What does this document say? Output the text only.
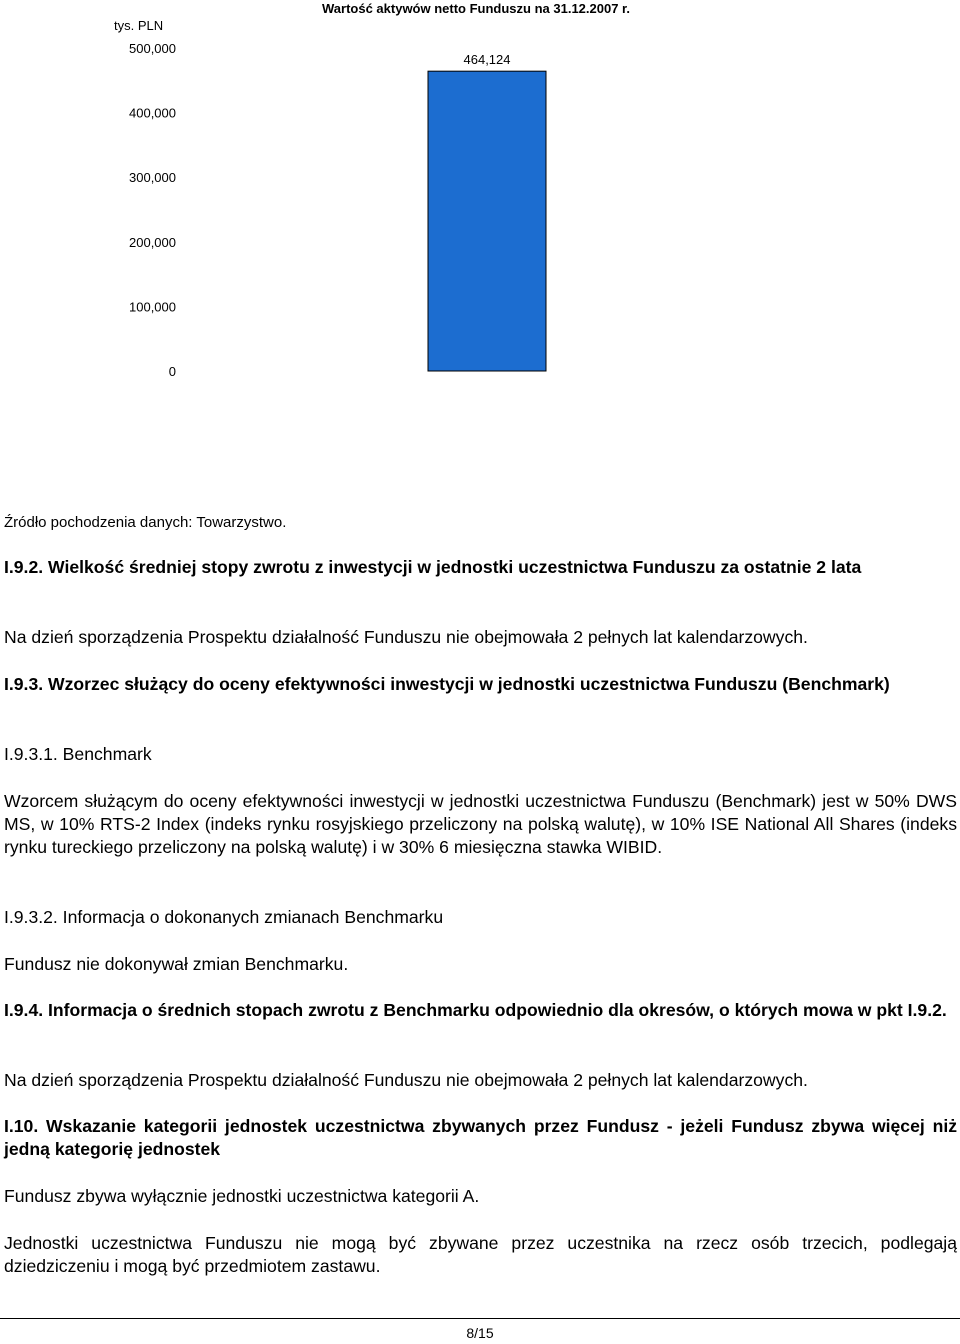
tys. PLN
Wartość aktywów netto Funduszu na 31.12.2007 r.
0
100,000
200,000
300,000
400,000
500,000
464,124
Źródło pochodzenia danych: Towarzystwo.

I.9.2. Wielkość średniej stopy zwrotu z inwestycji w jednostki uczestnictwa Funduszu za ostatnie 2 lata

Na dzień sporządzenia Prospektu działalność Funduszu nie obejmowała 2 pełnych lat kalendarzowych.

I.9.3. Wzorzec służący do oceny efektywności inwestycji w jednostki uczestnictwa Funduszu (Benchmark)

I.9.3.1. Benchmark

Wzorcem służącym do oceny efektywności inwestycji w jednostki uczestnictwa Funduszu (Benchmark) jest w 50% DWS MS, w 10% RTS-2 Index (indeks rynku rosyjskiego przeliczony na polską walutę), w 10% ISE National All Shares (indeks rynku tureckiego przeliczony na polską walutę) i w 30% 6 miesięczna stawka WIBID.

I.9.3.2. Informacja o dokonanych zmianach Benchmarku

Fundusz nie dokonywał zmian Benchmarku.

I.9.4. Informacja o średnich stopach zwrotu z Benchmarku odpowiednio dla okresów, o których mowa w pkt I.9.2.

Na dzień sporządzenia Prospektu działalność Funduszu nie obejmowała 2 pełnych lat kalendarzowych.

I.10. Wskazanie kategorii jednostek uczestnictwa zbywanych przez Fundusz - jeżeli Fundusz zbywa więcej niż jedną kategorię jednostek

Fundusz zbywa wyłącznie jednostki uczestnictwa kategorii A.

Jednostki uczestnictwa Funduszu nie mogą być zbywane przez uczestnika na rzecz osób trzecich, podlegają dziedziczeniu i mogą być przedmiotem zastawu.

8/15
